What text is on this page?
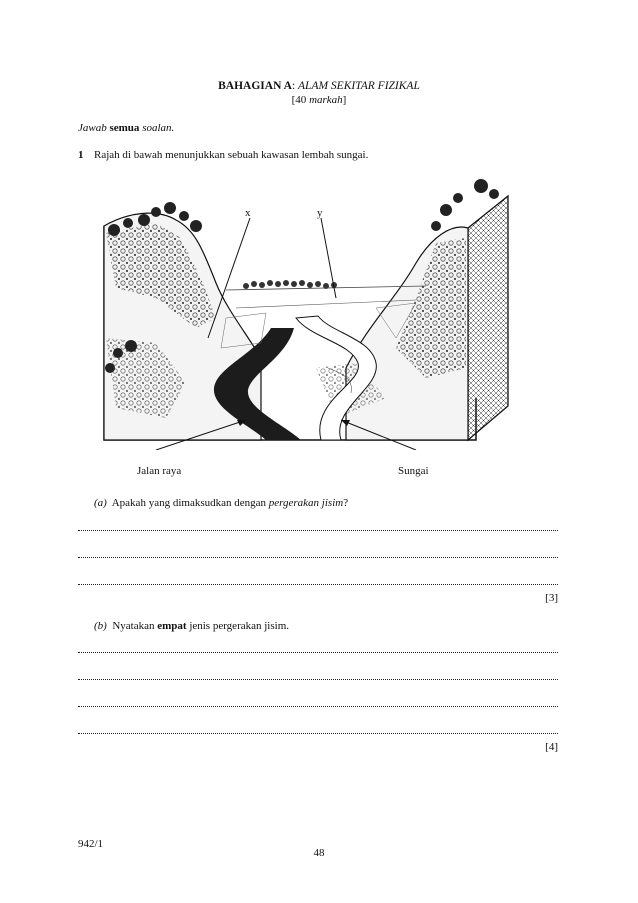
BAHAGIAN A: ALAM SEKITAR FIZIKAL
[40 markah]
Jawab semua soalan.
1 Rajah di bawah menunjukkan sebuah kawasan lembah sungai.
x	y
Jalan raya	Sungai
(a) Apakah yang dimaksudkan dengan pergerakan jisim?
[3]
(b) Nyatakan empat jenis pergerakan jisim.
[4]
942/1
48
